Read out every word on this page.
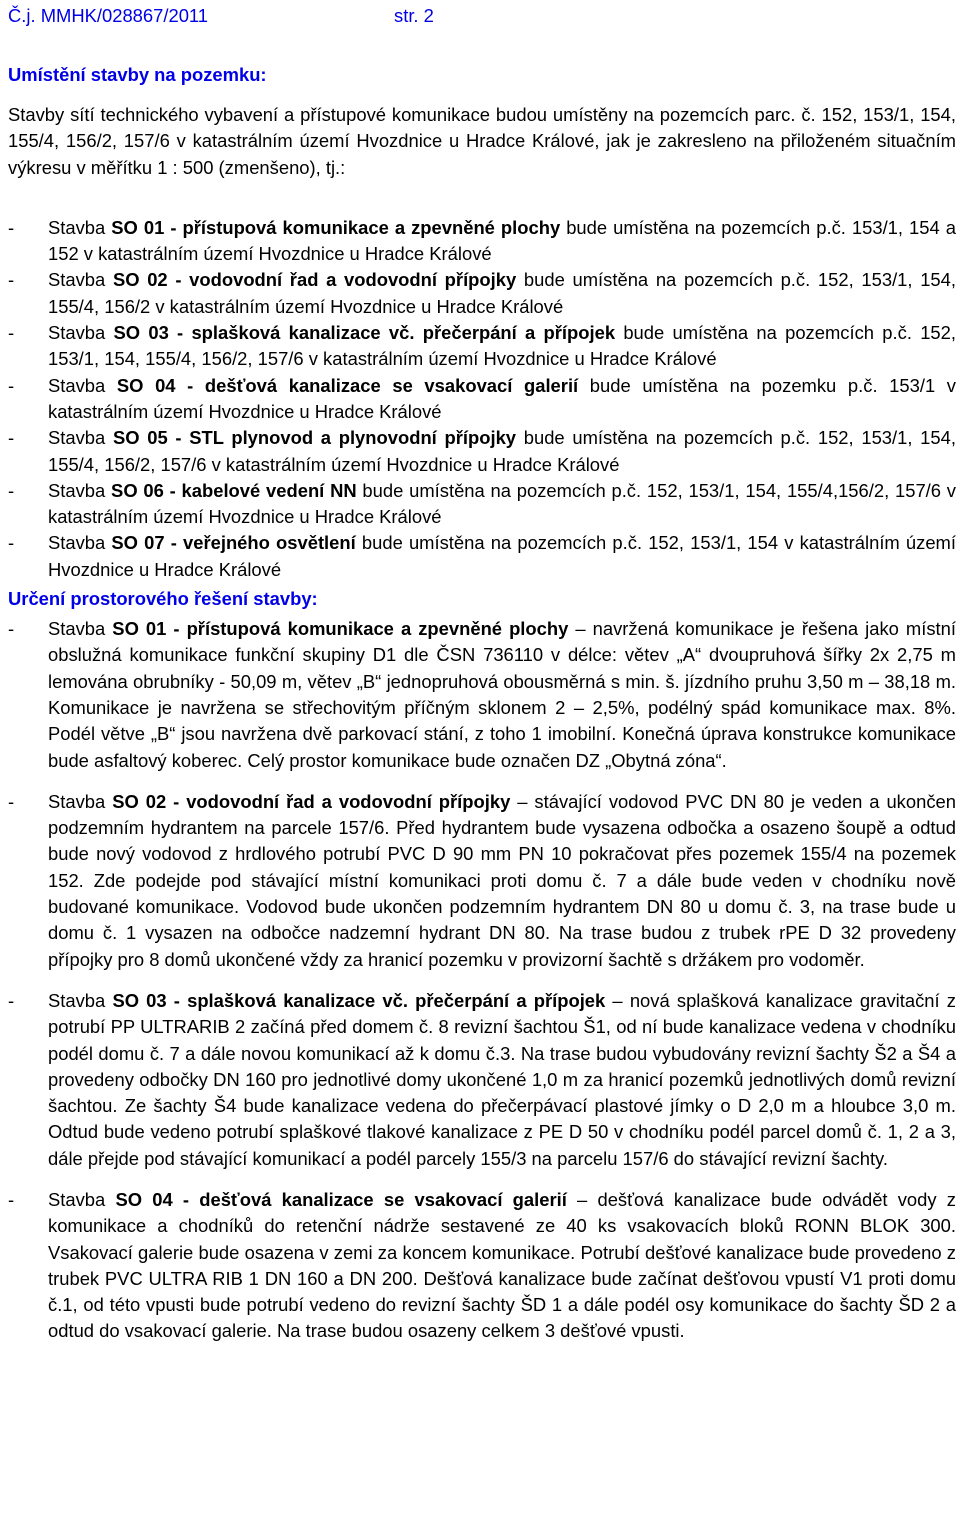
Č.j. MMHK/028867/2011	str. 2
Umístění stavby na pozemku:
Stavby sítí technického vybavení a přístupové komunikace budou umístěny na pozemcích parc. č. 152, 153/1, 154, 155/4, 156/2, 157/6 v katastrálním území Hvozdnice u Hradce Králové, jak je zakresleno na přiloženém situačním výkresu v měřítku 1 : 500 (zmenšeno), tj.:
- Stavba SO 01 - přístupová komunikace a zpevněné plochy bude umístěna na pozemcích p.č. 153/1, 154 a 152 v katastrálním území Hvozdnice u Hradce Králové
- Stavba SO 02 - vodovodní řad a vodovodní přípojky bude umístěna na pozemcích p.č. 152, 153/1, 154, 155/4, 156/2 v katastrálním území Hvozdnice u Hradce Králové
- Stavba SO 03 - splašková kanalizace vč. přečerpání a přípojek bude umístěna na pozemcích p.č. 152, 153/1, 154, 155/4, 156/2, 157/6 v katastrálním území Hvozdnice u Hradce Králové
- Stavba SO 04 - dešťová kanalizace se vsakovací galerií bude umístěna na pozemku p.č. 153/1 v katastrálním území Hvozdnice u Hradce Králové
- Stavba SO 05 - STL plynovod a plynovodní přípojky bude umístěna na pozemcích p.č. 152, 153/1, 154, 155/4, 156/2, 157/6 v katastrálním území Hvozdnice u Hradce Králové
- Stavba SO 06 - kabelové vedení NN bude umístěna na pozemcích p.č. 152, 153/1, 154, 155/4,156/2, 157/6 v katastrálním území Hvozdnice u Hradce Králové
- Stavba SO 07 - veřejného osvětlení bude umístěna na pozemcích p.č. 152, 153/1, 154 v katastrálním území Hvozdnice u Hradce Králové
Určení prostorového řešení stavby:
- Stavba SO 01 - přístupová komunikace a zpevněné plochy – navržená komunikace je řešena jako místní obslužná komunikace funkční skupiny D1 dle ČSN 736110 v délce: větev „A“ dvoupruhová šířky 2x 2,75 m lemována obrubníky - 50,09 m, větev „B“ jednopruhová obousměrná s min. š. jízdního pruhu 3,50 m – 38,18 m. Komunikace je navržena se střechovitým příčným sklonem 2 – 2,5%, podélný spád komunikace max. 8%. Podél větve „B“ jsou navržena dvě parkovací stání, z toho 1 imobilní. Konečná úprava konstrukce komunikace bude asfaltový koberec. Celý prostor komunikace bude označen DZ „Obytná zóna“.
- Stavba SO 02 - vodovodní řad a vodovodní přípojky – stávající vodovod PVC DN 80 je veden a ukončen podzemním hydrantem na parcele 157/6. Před hydrantem bude vysazena odbočka a osazeno šoupě a odtud bude nový vodovod z hrdlového potrubí PVC D 90 mm PN 10 pokračovat přes pozemek 155/4 na pozemek 152. Zde podejde pod stávající místní komunikaci proti domu č. 7 a dále bude veden v chodníku nově budované komunikace. Vodovod bude ukončen podzemním hydrantem DN 80 u domu č. 3, na trase bude u domu č. 1 vysazen na odbočce nadzemní hydrant DN 80. Na trase budou z trubek rPE D 32 provedeny přípojky pro 8 domů ukončené vždy za hranicí pozemku v provizorní šachtě s držákem pro vodoměr.
- Stavba SO 03 - splašková kanalizace vč. přečerpání a přípojek – nová splašková kanalizace gravitační z potrubí PP ULTRARIB 2 začíná před domem č. 8 revizní šachtou Š1, od ní bude kanalizace vedena v chodníku podél domu č. 7 a dále novou komunikací až k domu č.3. Na trase budou vybudovány revizní šachty Š2 a Š4 a provedeny odbočky DN 160 pro jednotlivé domy ukončené 1,0 m za hranicí pozemků jednotlivých domů revizní šachtou. Ze šachty Š4 bude kanalizace vedena do přečerpávací plastové jímky o D 2,0 m a hloubce 3,0 m. Odtud bude vedeno potrubí splaškové tlakové kanalizace z PE D 50 v chodníku podél parcel domů č. 1, 2 a 3, dále přejde pod stávající komunikací a podél parcely 155/3 na parcelu 157/6 do stávající revizní šachty.
- Stavba SO 04 - dešťová kanalizace se vsakovací galerií – dešťová kanalizace bude odvádět vody z komunikace a chodníků do retenční nádrže sestavené ze 40 ks vsakovacích bloků RONN BLOK 300. Vsakovací galerie bude osazena v zemi za koncem komunikace. Potrubí dešťové kanalizace bude provedeno z trubek PVC ULTRA RIB 1 DN 160 a DN 200. Dešťová kanalizace bude začínat dešťovou vpustí V1 proti domu č.1, od této vpusti bude potrubí vedeno do revizní šachty ŠD 1 a dále podél osy komunikace do šachty ŠD 2 a odtud do vsakovací galerie. Na trase budou osazeny celkem 3 dešťové vpusti.
